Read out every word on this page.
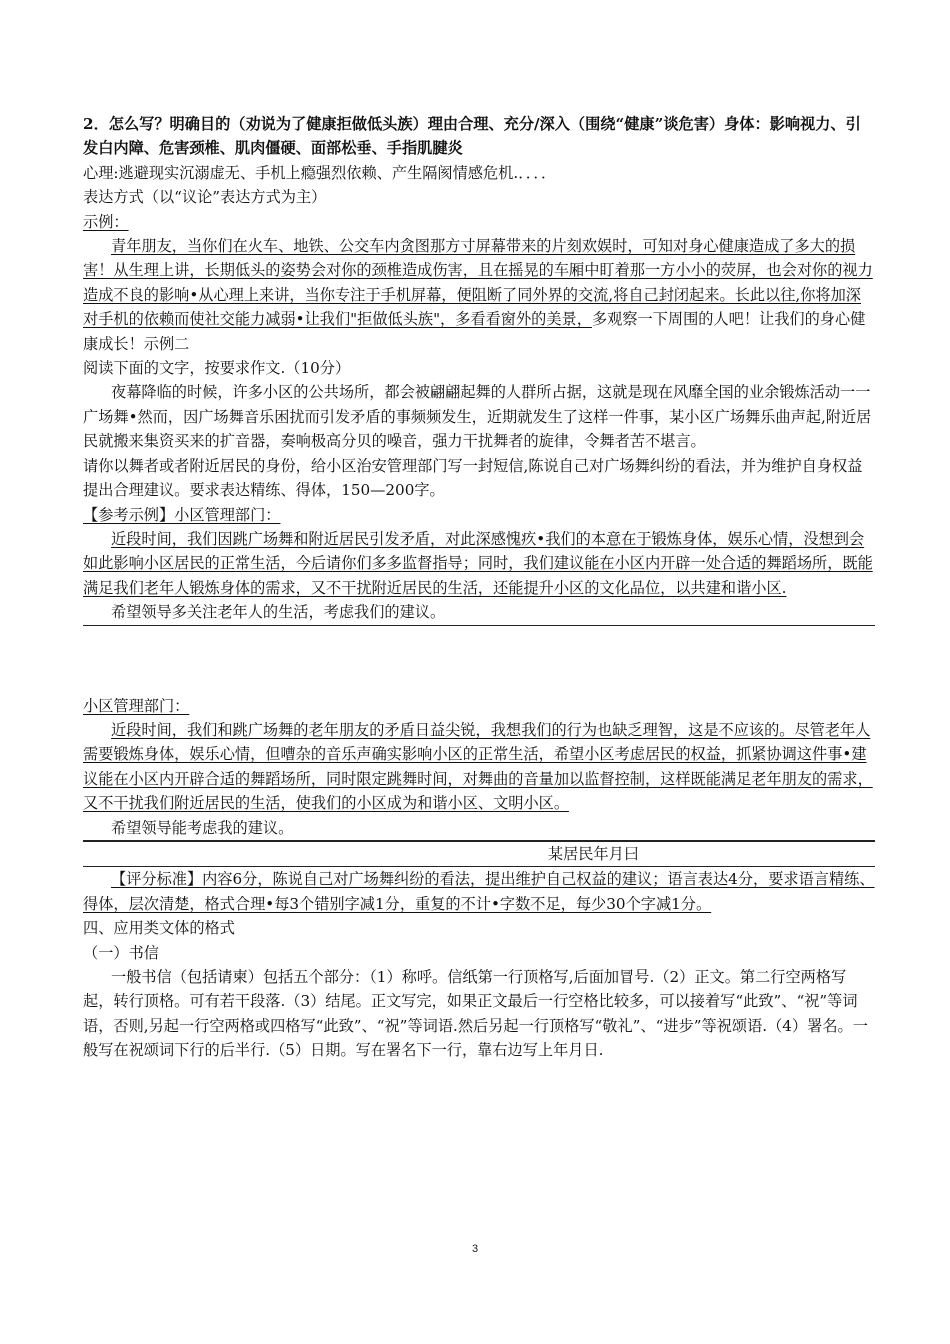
2．怎么写？明确目的（劝说为了健康拒做低头族）理由合理、充分/深入（围绕“健康”谈危害）身体：影响视力、引发白内障、危害颈椎、肌肉僵硬、面部松垂、手指肌腱炎

心理:逃避现实沉溺虚无、手机上瘾强烈依赖、产生隔阂情感危机.．．．．

表达方式（以“议论”表达方式为主）

示例：

青年朋友，当你们在火车、地铁、公交车内贪图那方寸屏幕带来的片刻欢娱时，可知对身心健康造成了多大的损害！从生理上讲，长期低头的姿势会对你的颈椎造成伤害，且在摇晃的车厢中盯着那一方小小的荧屏，也会对你的视力造成不良的影响•从心理上来讲，当你专注于手机屏幕，便阻断了同外界的交流,将自己封闭起来。长此以往,你将加深对手机的依赖而使社交能力减弱•让我们"拒做低头族"，多看看窗外的美景，多观察一下周围的人吧！让我们的身心健康成长！示例二

阅读下面的文字，按要求作文.（10分）

夜幕降临的时候，许多小区的公共场所，都会被翩翩起舞的人群所占据，这就是现在风靡全国的业余锻炼活动一一广场舞•然而，因广场舞音乐困扰而引发矛盾的事频频发生，近期就发生了这样一件事，某小区广场舞乐曲声起,附近居民就搬来集资买来的扩音器，奏响极高分贝的噪音，强力干扰舞者的旋律，令舞者苦不堪言。

请你以舞者或者附近居民的身份，给小区治安管理部门写一封短信,陈说自己对广场舞纠纷的看法，并为维护自身权益提出合理建议。要求表达精练、得体，150—200字。

【参考示例】小区管理部门：

近段时间，我们因跳广场舞和附近居民引发矛盾，对此深感愧疚•我们的本意在于锻炼身体，娱乐心情，没想到会如此影响小区居民的正常生活，今后请你们多多监督指导；同时，我们建议能在小区内开辟一处合适的舞蹈场所，既能满足我们老年人锻炼身体的需求，又不干扰附近居民的生活，还能提升小区的文化品位，以共建和谐小区.

希望领导多关注老年人的生活，考虑我们的建议。

小区管理部门：

近段时间，我们和跳广场舞的老年朋友的矛盾日益尖锐，我想我们的行为也缺乏理智，这是不应该的。尽管老年人需要锻炼身体，娱乐心情，但嘈杂的音乐声确实影响小区的正常生活，希望小区考虑居民的权益，抓紧协调这件事•建议能在小区内开辟合适的舞蹈场所，同时限定跳舞时间，对舞曲的音量加以监督控制，这样既能满足老年朋友的需求，又不干扰我们附近居民的生活，使我们的小区成为和谐小区、文明小区。

希望领导能考虑我的建议。

某居民年月曰

【评分标准】内容6分，陈说自己对广场舞纠纷的看法，提出维护自己权益的建议；语言表达4分，要求语言精练、得体，层次清楚，格式合理•每3个错别字减1分，重复的不计•字数不足，每少30个字减1分。

四、应用类文体的格式

（一）书信

一般书信（包括请柬）包括五个部分：（1）称呼。信纸第一行顶格写,后面加冒号.（2）正文。第二行空两格写起，转行顶格。可有若干段落.（3）结尾。正文写完，如果正文最后一行空格比较多，可以接着写“此致”、“祝”等词语，否则,另起一行空两格或四格写“此致”、“祝”等词语.然后另起一行顶格写“敬礼”、“进步”等祝颂语.（4）署名。一般写在祝颂词下行的后半行.（5）日期。写在署名下一行，靠右边写上年月日.

3
